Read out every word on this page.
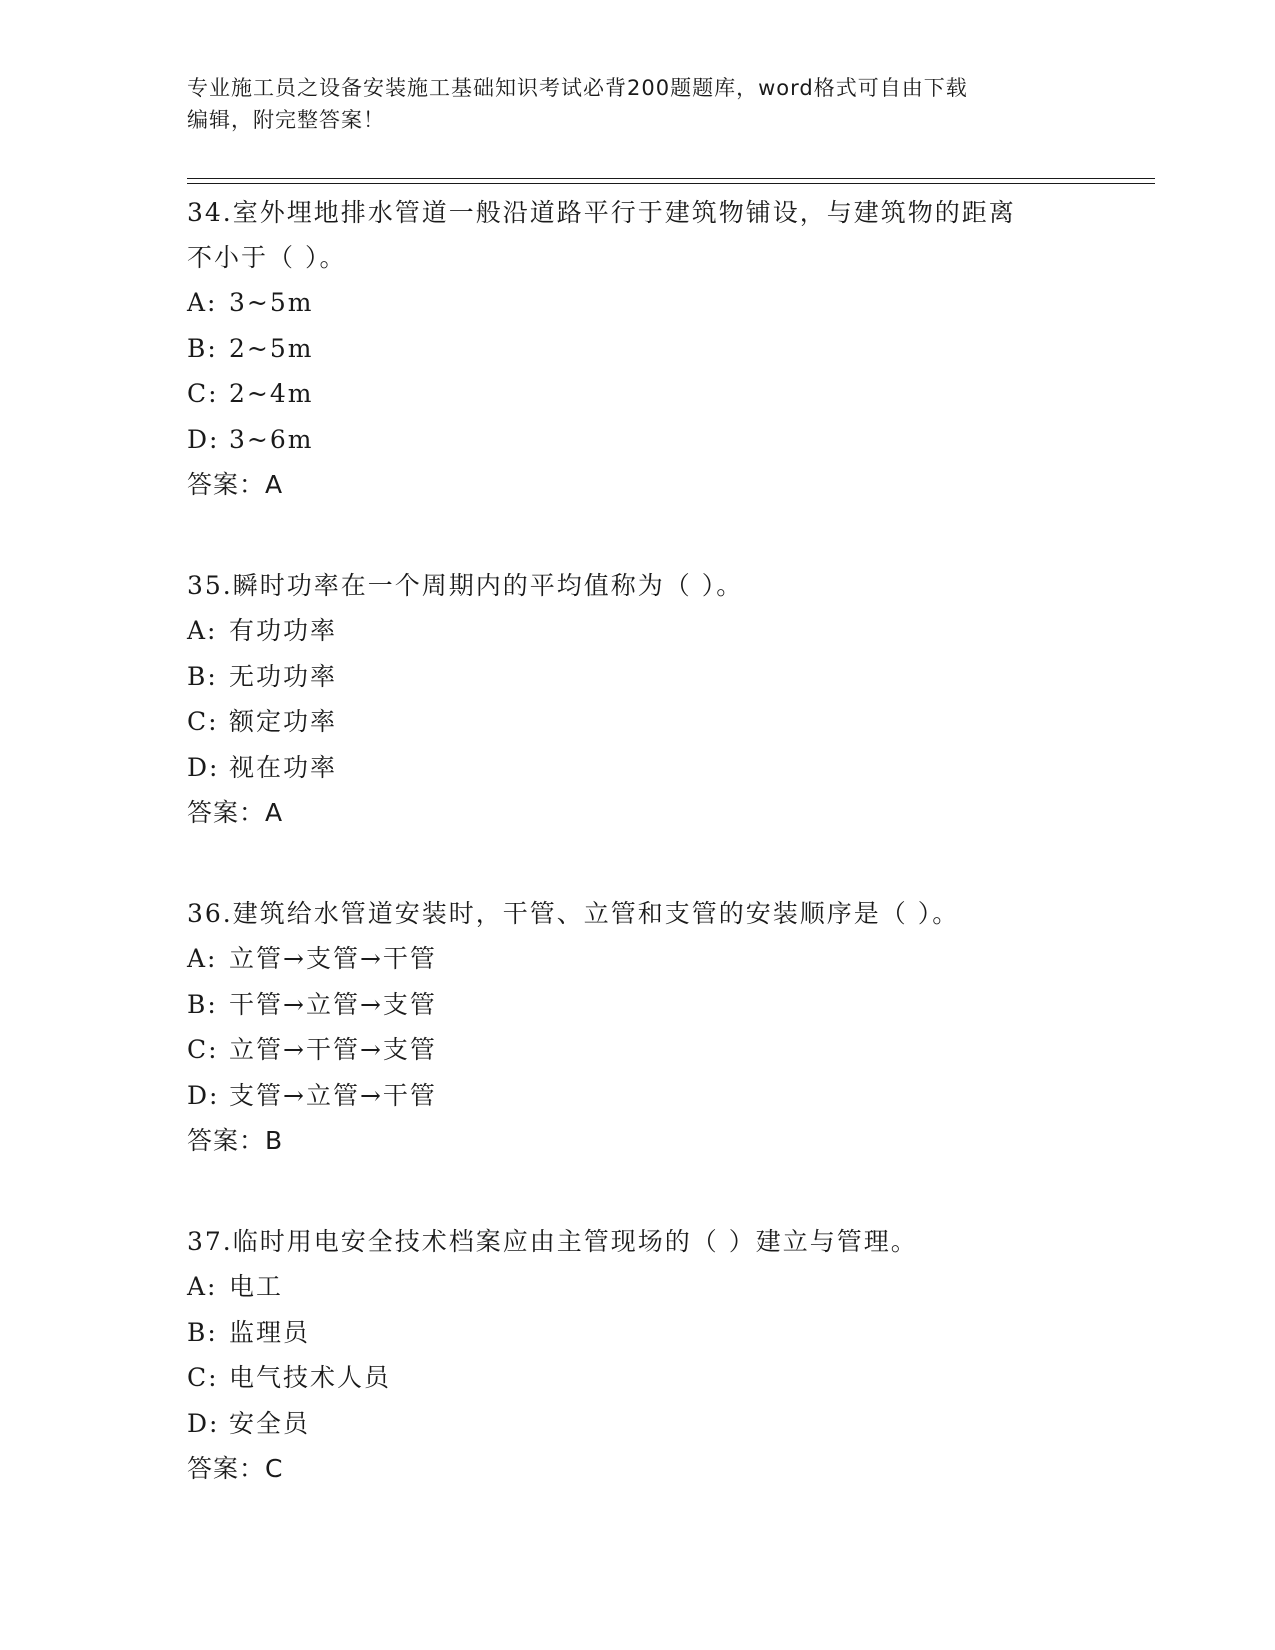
专业施工员之设备安装施工基础知识考试必背200题题库，word格式可自由下载
编辑，附完整答案！
34.室外埋地排水管道一般沿道路平行于建筑物铺设，与建筑物的距离
不小于（ ）。
A: 3~5m
B: 2~5m
C: 2~4m
D: 3~6m
答案：A
35.瞬时功率在一个周期内的平均值称为（ ）。
A: 有功功率
B: 无功功率
C: 额定功率
D: 视在功率
答案：A
36.建筑给水管道安装时，干管、立管和支管的安装顺序是（ ）。
A: 立管→支管→干管
B: 干管→立管→支管
C: 立管→干管→支管
D: 支管→立管→干管
答案：B
37.临时用电安全技术档案应由主管现场的（ ）建立与管理。
A: 电工
B: 监理员
C: 电气技术人员
D: 安全员
答案：C
